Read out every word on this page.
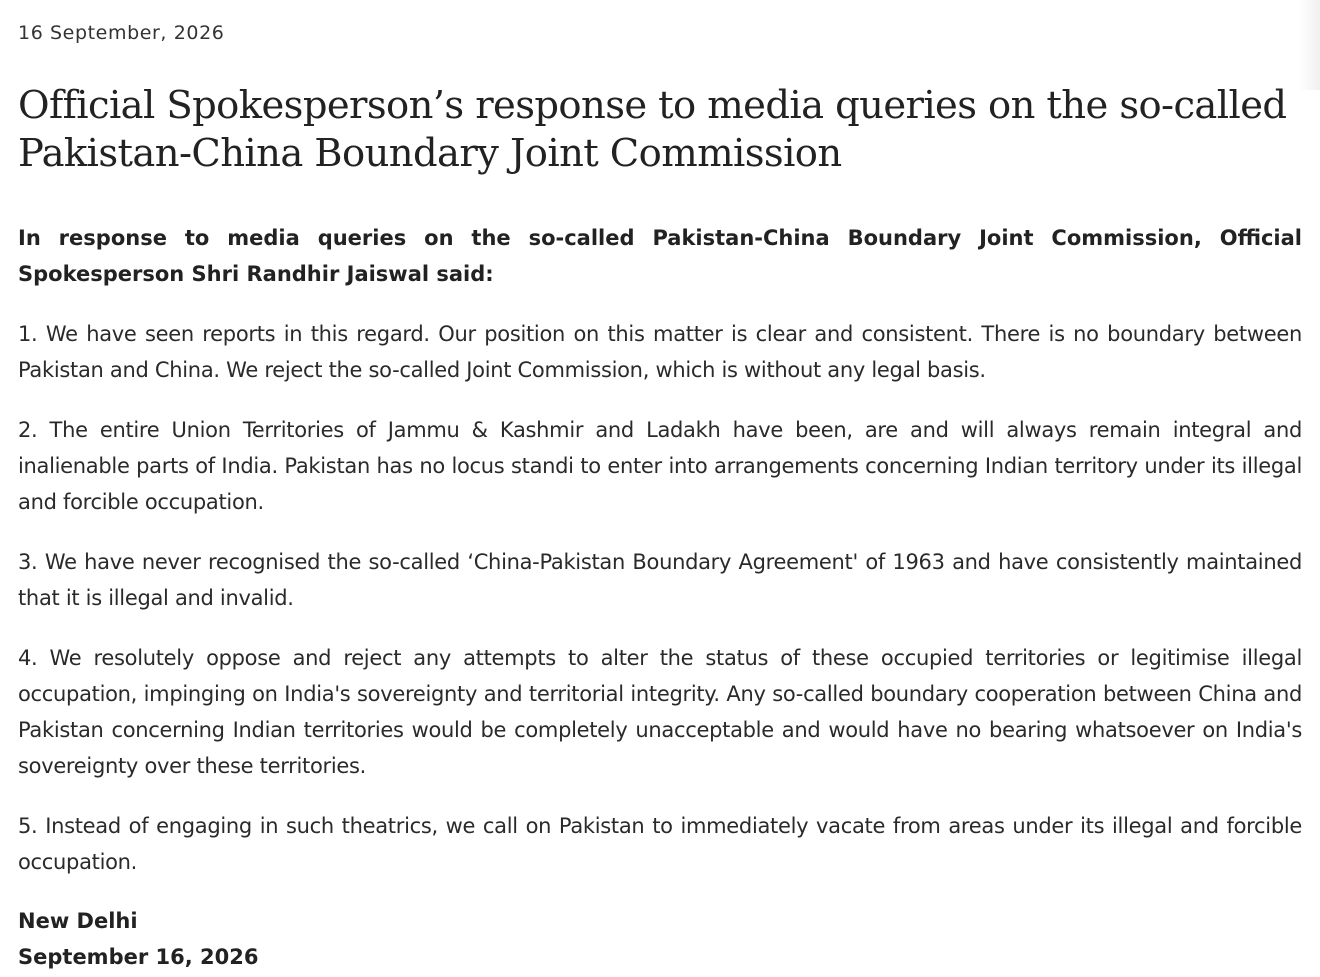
16 September, 2026

Official Spokesperson’s response to media queries on the so-called Pakistan-China Boundary Joint Commission

In response to media queries on the so-called Pakistan-China Boundary Joint Commission, Official Spokesperson Shri Randhir Jaiswal said:

1. We have seen reports in this regard. Our position on this matter is clear and consistent. There is no boundary between Pakistan and China. We reject the so-called Joint Commission, which is without any legal basis.

2. The entire Union Territories of Jammu & Kashmir and Ladakh have been, are and will always remain integral and inalienable parts of India. Pakistan has no locus standi to enter into arrangements concerning Indian territory under its illegal and forcible occupation.

3. We have never recognised the so-called ‘China-Pakistan Boundary Agreement' of 1963 and have consistently maintained that it is illegal and invalid.

4. We resolutely oppose and reject any attempts to alter the status of these occupied territories or legitimise illegal occupation, impinging on India's sovereignty and territorial integrity. Any so-called boundary cooperation between China and Pakistan concerning Indian territories would be completely unacceptable and would have no bearing whatsoever on India's sovereignty over these territories.

5. Instead of engaging in such theatrics, we call on Pakistan to immediately vacate from areas under its illegal and forcible occupation.

New Delhi

September 16, 2026
